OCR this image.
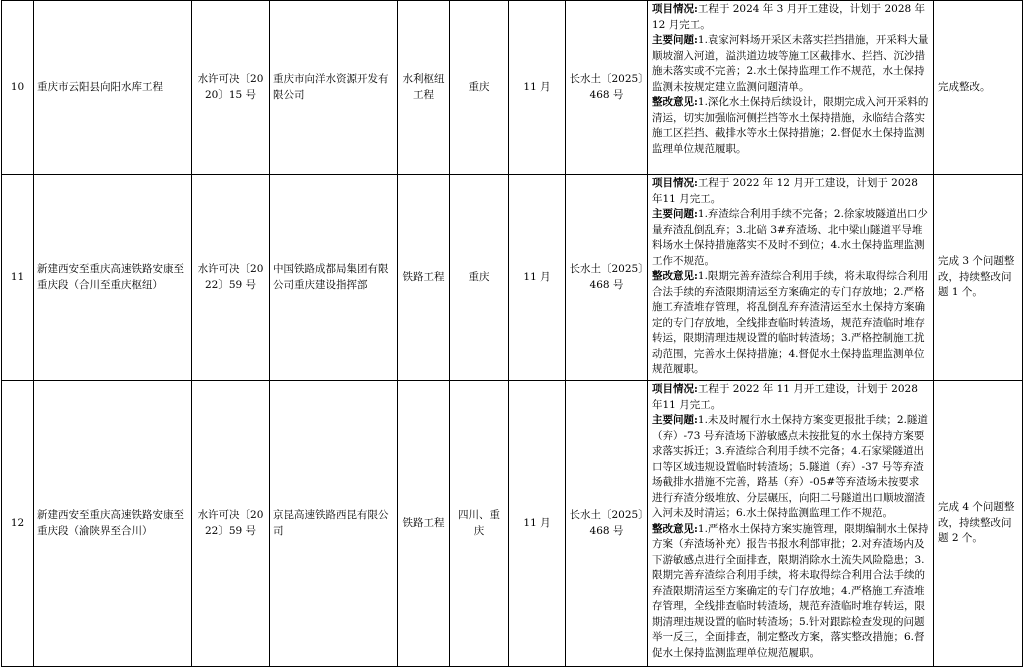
10	重庆市云阳县向阳水库工程	水许可决〔2020〕15 号	重庆市向洋水资源开发有限公司	水利枢纽工程	重庆	11 月	长水土〔2025〕468 号	项目情况:工程于 2024 年 3 月开工建设，计划于 2028 年12 月完工。

主要问题:1.袁家河料场开采区未落实拦挡措施，开采料大量顺坡溜入河道，溢洪道边坡等施工区截排水、拦挡、沉沙措施未落实或不完善；2.水土保持监理工作不规范，水土保持监测未按规定建立监测问题清单。

整改意见:1.深化水土保持后续设计，限期完成入河开采料的清运，切实加强临河侧拦挡等水土保持措施，永临结合落实施工区拦挡、截排水等水土保持措施；2.督促水土保持监测监理单位规范履职。	完成整改。
11	新建西安至重庆高速铁路安康至重庆段（合川至重庆枢纽）	水许可决〔2022〕59 号	中国铁路成都局集团有限公司重庆建设指挥部	铁路工程	重庆	11 月	长水土〔2025〕468 号	项目情况:工程于 2022 年 12 月开工建设，计划于 2028 年11 月完工。

主要问题:1.弃渣综合利用手续不完备；2.徐家坡隧道出口少量弃渣乱倒乱弃；3.北碚 3#弃渣场、北中梁山隧道平导堆料场水土保持措施落实不及时不到位；4.水土保持监理监测工作不规范。

整改意见:1.限期完善弃渣综合利用手续，将未取得综合利用合法手续的弃渣限期清运至方案确定的专门存放地；2.严格施工弃渣堆存管理，将乱倒乱弃弃渣清运至水土保持方案确定的专门存放地，全线排查临时转渣场，规范弃渣临时堆存转运，限期清理违规设置的临时转渣场；3.严格控制施工扰动范围，完善水土保持措施；4.督促水土保持监理监测单位规范履职。	完成 3 个问题整改，持续整改问题 1 个。
12	新建西安至重庆高速铁路安康至重庆段（渝陕界至合川）	水许可决〔2022〕59 号	京昆高速铁路西昆有限公司	铁路工程	四川、重庆	11 月	长水土〔2025〕468 号	项目情况:工程于 2022 年 11 月开工建设，计划于 2028 年11 月完工。

主要问题:1.未及时履行水土保持方案变更报批手续；2.隧道（弃）-73 号弃渣场下游敏感点未按批复的水土保持方案要求落实拆迁；3.弃渣综合利用手续不完备；4.石家梁隧道出口等区域违规设置临时转渣场；5.隧道（弃）-37 号等弃渣场截排水措施不完善，路基（弃）-05#等弃渣场未按要求进行弃渣分级堆放、分层碾压，向阳二号隧道出口顺坡溜渣入河未及时清运；6.水土保持监测监理工作不规范。

整改意见:1.严格水土保持方案实施管理，限期编制水土保持方案（弃渣场补充）报告书报水利部审批；2.对弃渣场内及下游敏感点进行全面排查，限期消除水土流失风险隐患；3.限期完善弃渣综合利用手续，将未取得综合利用合法手续的弃渣限期清运至方案确定的专门存放地；4.严格施工弃渣堆存管理，全线排查临时转渣场，规范弃渣临时堆存转运，限期清理违规设置的临时转渣场；5.针对跟踪检查发现的问题举一反三，全面排查，制定整改方案，落实整改措施；6.督促水土保持监测监理单位规范履职。	完成 4 个问题整改，持续整改问题 2 个。
